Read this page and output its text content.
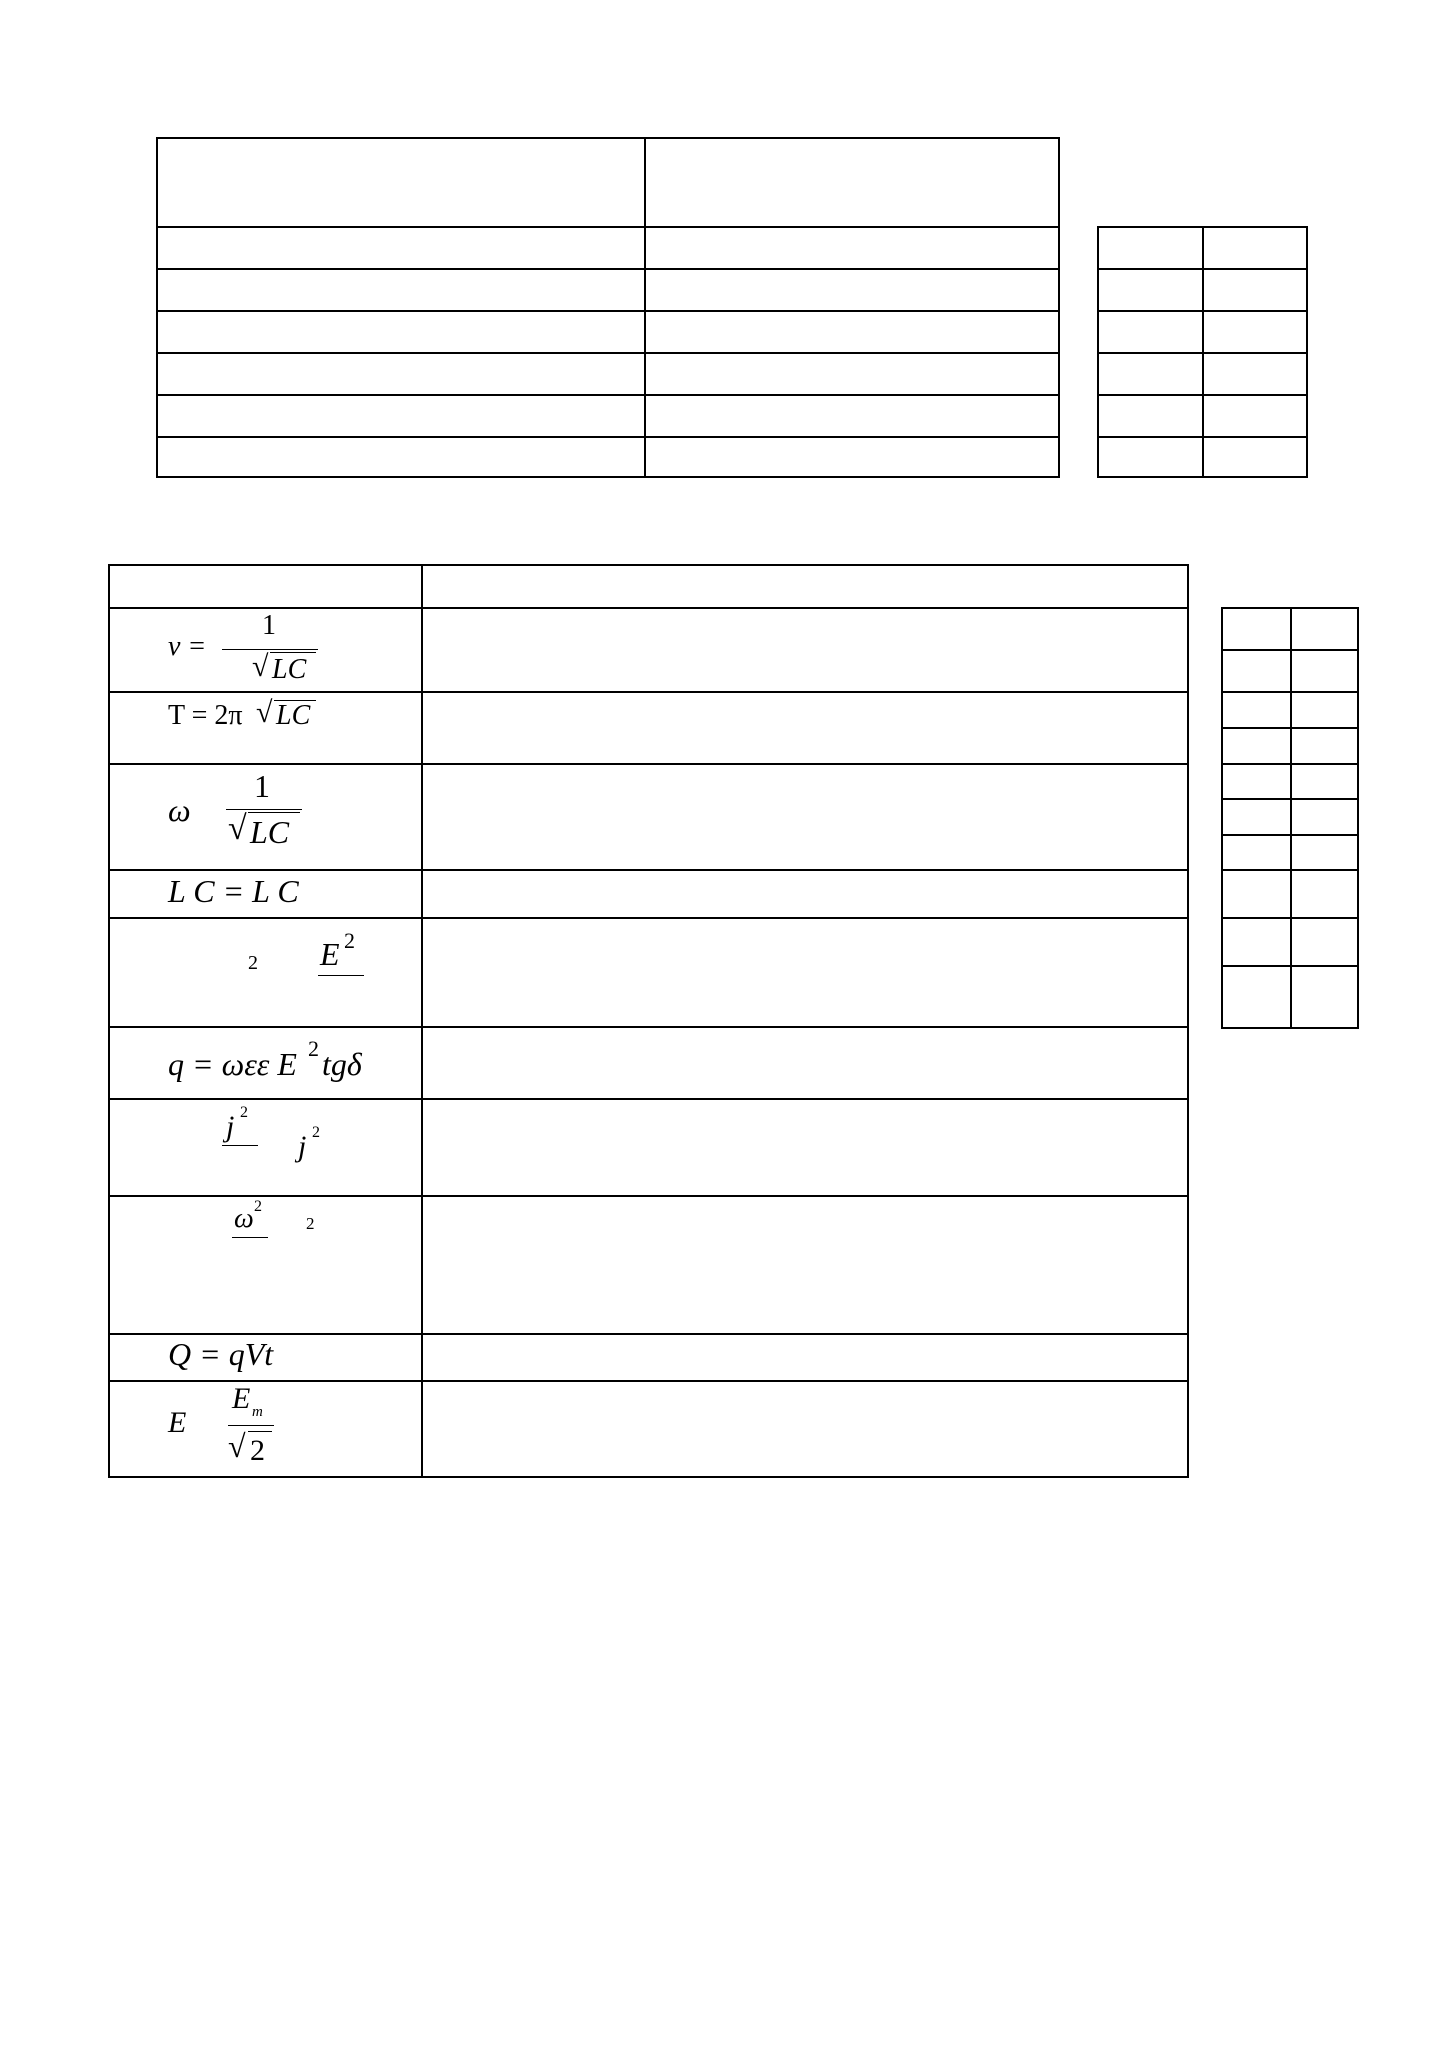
ν =
1
√ LC
T = 2π √ LC
ω
1
√ LC
L C = L C
2 E 2
q = ωεε E 2 tgδ
j 2
j 2
ω 2
2
Q = qVt
E
E m
√ 2
